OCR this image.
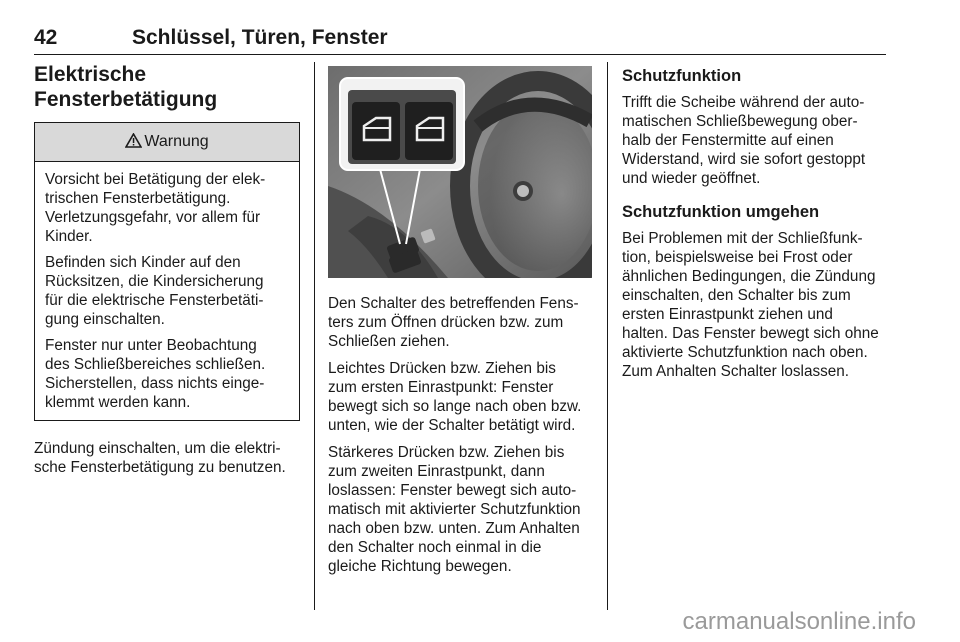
42	Schlüssel, Türen, Fenster
Elektrische
Fensterbetätigung
Warnung

Vorsicht bei Betätigung der elek-
trischen Fensterbetätigung.
Verletzungsgefahr, vor allem für
Kinder.

Befinden sich Kinder auf den
Rücksitzen, die Kindersicherung
für die elektrische Fensterbetäti-
gung einschalten.

Fenster nur unter Beobachtung
des Schließbereiches schließen.
Sicherstellen, dass nichts einge-
klemmt werden kann.

Zündung einschalten, um die elektri-
sche Fensterbetätigung zu benutzen.

Den Schalter des betreffenden Fens-
ters zum Öffnen drücken bzw. zum
Schließen ziehen.

Leichtes Drücken bzw. Ziehen bis
zum ersten Einrastpunkt: Fenster
bewegt sich so lange nach oben bzw.
unten, wie der Schalter betätigt wird.

Stärkeres Drücken bzw. Ziehen bis
zum zweiten Einrastpunkt, dann
loslassen: Fenster bewegt sich auto-
matisch mit aktivierter Schutzfunktion
nach oben bzw. unten. Zum Anhalten
den Schalter noch einmal in die
gleiche Richtung bewegen.

Schutzfunktion

Trifft die Scheibe während der auto-
matischen Schließbewegung ober-
halb der Fenstermitte auf einen
Widerstand, wird sie sofort gestoppt
und wieder geöffnet.

Schutzfunktion umgehen

Bei Problemen mit der Schließfunk-
tion, beispielsweise bei Frost oder
ähnlichen Bedingungen, die Zündung
einschalten, den Schalter bis zum
ersten Einrastpunkt ziehen und
halten. Das Fenster bewegt sich ohne
aktivierte Schutzfunktion nach oben.
Zum Anhalten Schalter loslassen.

carmanualsonline.info
